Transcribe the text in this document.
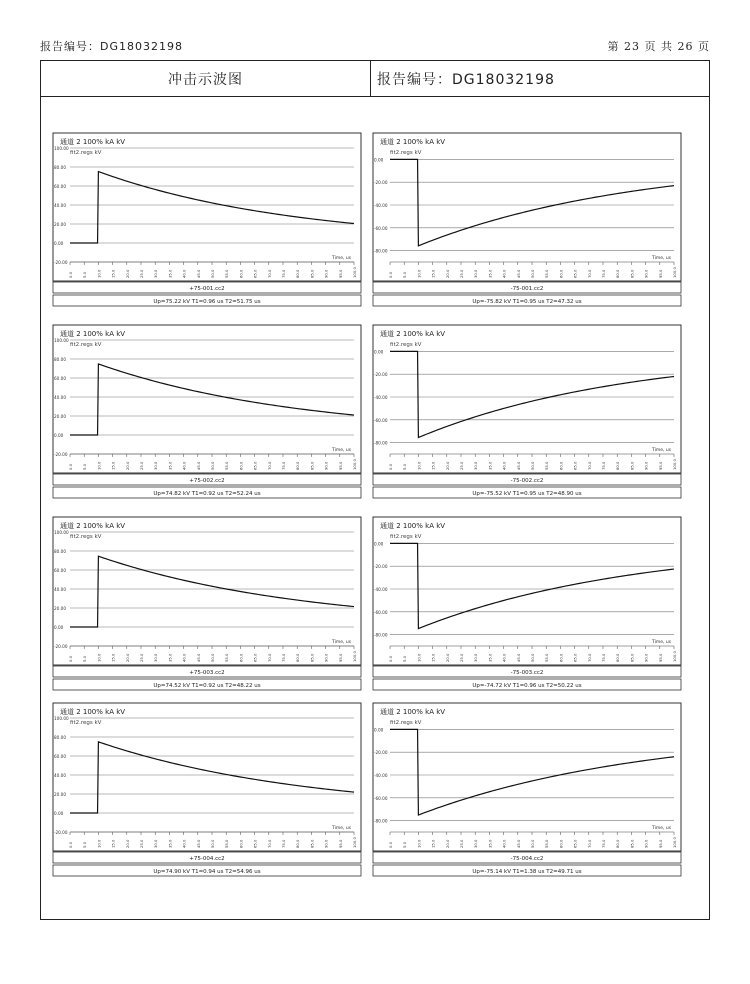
报告编号：DG18032198	第 23 页 共 26 页
冲击示波图	报告编号：DG18032198
通道 2 100% kA kV
fit2.regs kV
100.00
80.00
60.00
40.00
20.00
0.00
-20.00
0.0 5.0 10.0 15.0 20.0 25.0 30.0 35.0 40.0 45.0 50.0 55.0 60.0 65.0 70.0 75.0 80.0 85.0 90.0 95.0 100.0
Time, us
+75-001.cc2
Up=75.22 kV T1=0.96 us T2=51.75 us
通道 2 100% kA kV
fit2.regs kV
0.00
-20.00
-40.00
-60.00
-80.00
0.0 5.0 10.0 15.0 20.0 25.0 30.0 35.0 40.0 45.0 50.0 55.0 60.0 65.0 70.0 75.0 80.0 85.0 90.0 95.0 100.0
Time, us
-75-001.cc2
Up=-75.82 kV T1=0.95 us T2=47.32 us
通道 2 100% kA kV
fit2.regs kV
100.00
80.00
60.00
40.00
20.00
0.00
-20.00
0.0 5.0 10.0 15.0 20.0 25.0 30.0 35.0 40.0 45.0 50.0 55.0 60.0 65.0 70.0 75.0 80.0 85.0 90.0 95.0 100.0
Time, us
+75-002.cc2
Up=74.82 kV T1=0.92 us T2=52.24 us
通道 2 100% kA kV
fit2.regs kV
0.00
-20.00
-40.00
-60.00
-80.00
0.0 5.0 10.0 15.0 20.0 25.0 30.0 35.0 40.0 45.0 50.0 55.0 60.0 65.0 70.0 75.0 80.0 85.0 90.0 95.0 100.0
Time, us
-75-002.cc2
Up=-75.52 kV T1=0.95 us T2=48.90 us
通道 2 100% kA kV
fit2.regs kV
100.00
80.00
60.00
40.00
20.00
0.00
-20.00
0.0 5.0 10.0 15.0 20.0 25.0 30.0 35.0 40.0 45.0 50.0 55.0 60.0 65.0 70.0 75.0 80.0 85.0 90.0 95.0 100.0
Time, us
+75-003.cc2
Up=74.52 kV T1=0.92 us T2=48.22 us
通道 2 100% kA kV
fit2.regs kV
0.00
-20.00
-40.00
-60.00
-80.00
0.0 5.0 10.0 15.0 20.0 25.0 30.0 35.0 40.0 45.0 50.0 55.0 60.0 65.0 70.0 75.0 80.0 85.0 90.0 95.0 100.0
Time, us
-75-003.cc2
Up=-74.72 kV T1=0.96 us T2=50.22 us
通道 2 100% kA kV
fit2.regs kV
100.00
80.00
60.00
40.00
20.00
0.00
-20.00
0.0 5.0 10.0 15.0 20.0 25.0 30.0 35.0 40.0 45.0 50.0 55.0 60.0 65.0 70.0 75.0 80.0 85.0 90.0 95.0 100.0
Time, us
+75-004.cc2
Up=74.90 kV T1=0.94 us T2=54.96 us
通道 2 100% kA kV
fit2.regs kV
0.00
-20.00
-40.00
-60.00
-80.00
0.0 5.0 10.0 15.0 20.0 25.0 30.0 35.0 40.0 45.0 50.0 55.0 60.0 65.0 70.0 75.0 80.0 85.0 90.0 95.0 100.0
Time, us
-75-004.cc2
Up=-75.14 kV T1=1.38 us T2=49.71 us
